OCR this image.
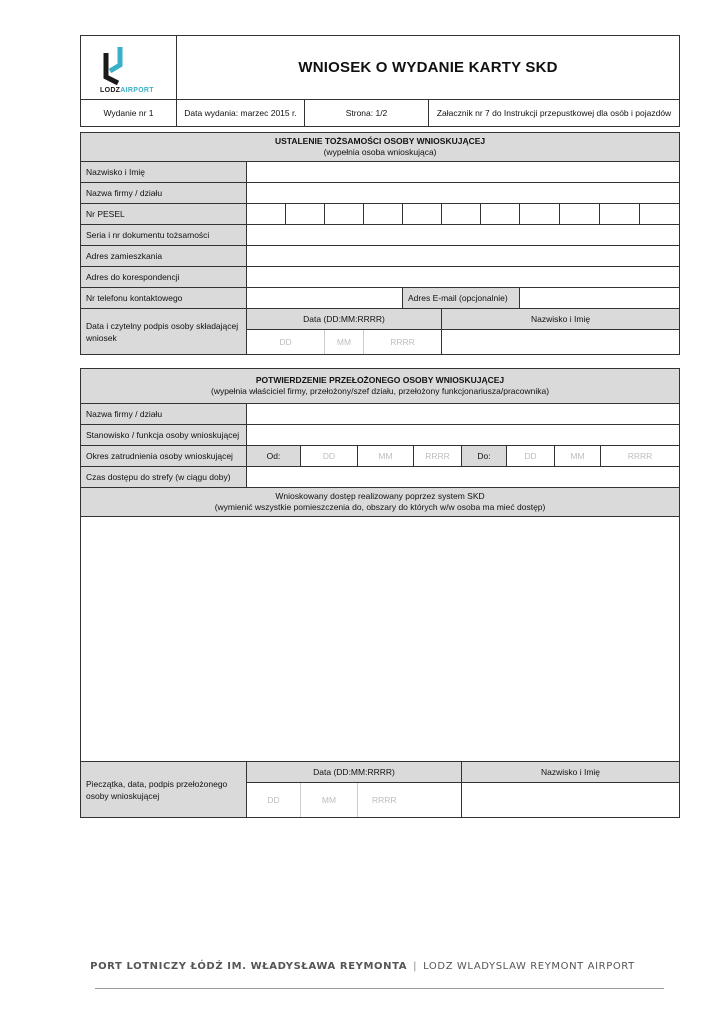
LODZAIRPORT	WNIOSEK O WYDANIE KARTY SKD		
Wydanie nr 1	Data wydania: marzec 2015 r.	Strona: 1/2	Załacznik nr 7 do Instrukcji przepustkowej dla osób i pojazdów
USTALENIE TOŻSAMOŚCI OSOBY WNIOSKUJĄCEJ
(wypełnia osoba wnioskująca)											
Nazwisko i Imię											
Nazwa firmy / działu											
Nr PESEL											
Seria i nr dokumentu tożsamości											
Adres zamieszkania											
Adres do korespondencji											
Nr telefonu kontaktowego					Adres E-mail (opcjonalnie)						
Data i czytelny podpis osoby składającej wniosek	Data (DD:MM:RRRR)					Nazwisko i Imię					
	DD		MM	RRRR							
POTWIERDZENIE PRZEŁOŻONEGO OSOBY WNIOSKUJĄCEJ
(wypełnia właściciel firmy, przełożony/szef działu, przełożony funkcjonariusza/pracownika)								
Nazwa firmy / działu								
Stanowisko / funkcja osoby wnioskującej								
Okres zatrudnienia osoby wnioskującej	Od:	DD	MM	RRRR	Do:	DD	MM	RRRR
Czas dostępu do strefy (w ciągu doby)								
Wnioskowany dostęp realizowany poprzez system SKD
(wymienić wszystkie pomieszczenia do, obszary do których w/w osoba ma mieć dostęp)								

Pieczątka, data, podpis przełożonego osoby wnioskującej	Data (DD:MM:RRRR)				Nazwisko i Imię			
	DD	MM	RRRR					
PORT LOTNICZY ŁÓDŹ IM. WŁADYSŁAWA REYMONTA | LODZ WLADYSLAW REYMONT AIRPORT
